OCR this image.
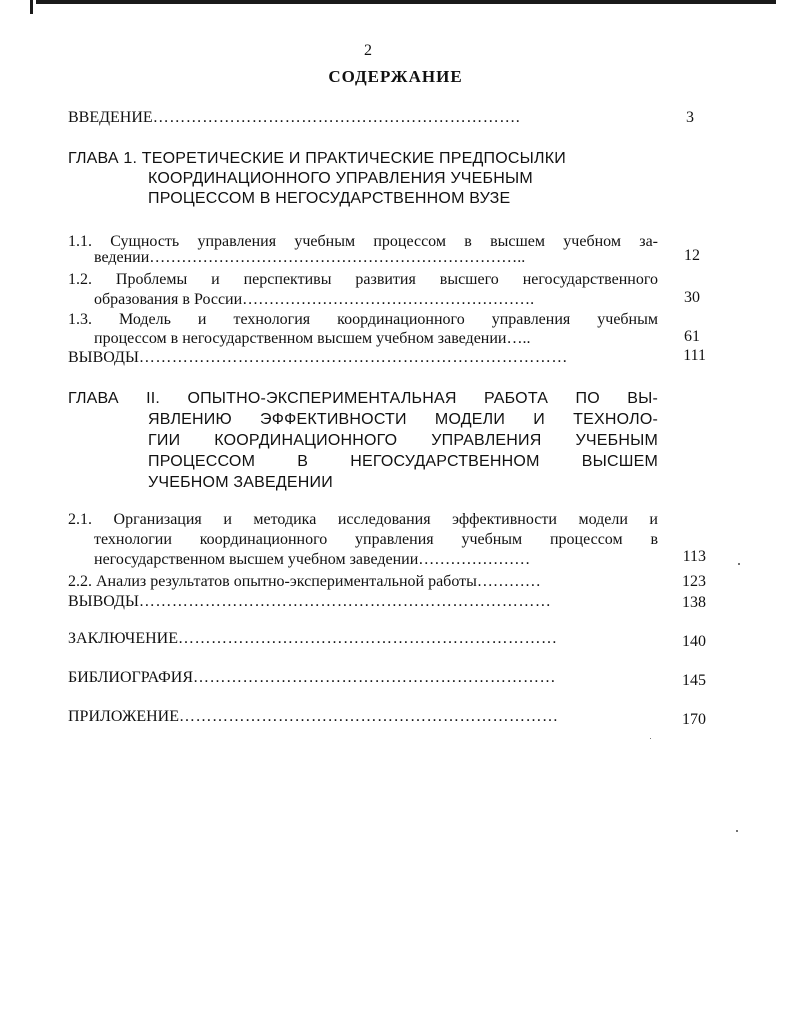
2
СОДЕРЖАНИЕ
ВВЕДЕНИЕ………………………………………………………….	3
ГЛАВА 1. ТЕОРЕТИЧЕСКИЕ И ПРАКТИЧЕСКИЕ ПРЕДПОСЫЛКИ
КООРДИНАЦИОННОГО УПРАВЛЕНИЯ УЧЕБНЫМ
ПРОЦЕССОМ В НЕГОСУДАРСТВЕННОМ ВУЗЕ
1.1. Сущность управления учебным процессом в высшем учебном за-
ведении……………………………………………………………..	12
1.2. Проблемы и перспективы развития высшего негосударственного
образования в России……………………………………………….	30
1.3. Модель и технология координационного управления учебным
процессом в негосударственном высшем учебном заведении…..	61
ВЫВОДЫ……………………………………………………………………	111
ГЛАВА II. ОПЫТНО-ЭКСПЕРИМЕНТАЛЬНАЯ РАБОТА ПО ВЫ-
ЯВЛЕНИЮ ЭФФЕКТИВНОСТИ МОДЕЛИ И ТЕХНОЛО-
ГИИ КООРДИНАЦИОННОГО УПРАВЛЕНИЯ УЧЕБНЫМ
ПРОЦЕССОМ В НЕГОСУДАРСТВЕННОМ ВЫСШЕМ
УЧЕБНОМ ЗАВЕДЕНИИ
2.1. Организация и методика исследования эффективности модели и
технологии координационного управления учебным процессом в
негосударственном высшем учебном заведении…………………	113
2.2. Анализ результатов опытно-экспериментальной работы…………	123
ВЫВОДЫ…………………………………………………………………	138
ЗАКЛЮЧЕНИЕ……………………………………………………………	140
БИБЛИОГРАФИЯ…………………………………………………………	145
ПРИЛОЖЕНИЕ……………………………………………………………	170
